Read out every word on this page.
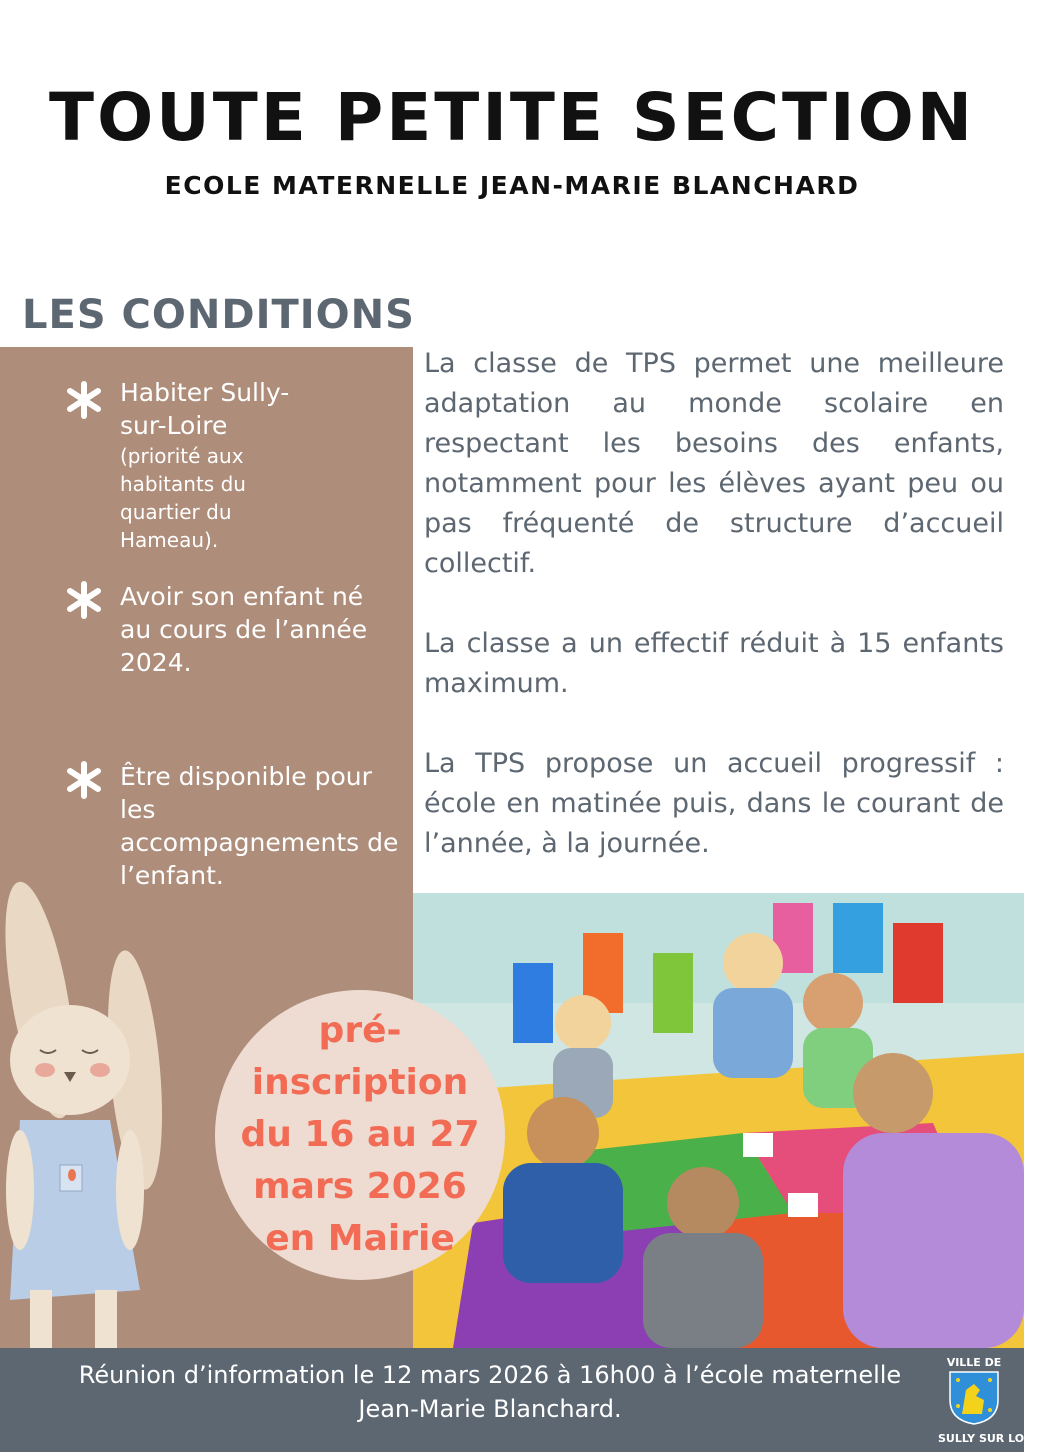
TOUTE PETITE SECTION
ECOLE MATERNELLE JEAN-MARIE BLANCHARD
LES CONDITIONS
Habiter Sully-sur-Loire
(priorité aux habitants du quartier du Hameau).
Avoir son enfant né au cours de l’année 2024.
Être disponible pour les accompagnements de l’enfant.

La classe de TPS permet une meilleure adaptation au monde scolaire en respectant les besoins des enfants, notamment pour les élèves ayant peu ou pas fréquenté de structure d’accueil collectif.

La classe a un effectif réduit à 15 enfants maximum.

La TPS propose un accueil progressif : école en matinée puis, dans le courant de l’année, à la journée.

pré-inscription du 16 au 27 mars 2026 en Mairie
Réunion d’information le 12 mars 2026 à 16h00 à l’école maternelle Jean-Marie Blanchard.
VILLE DE
SULLY SUR LOIRE
